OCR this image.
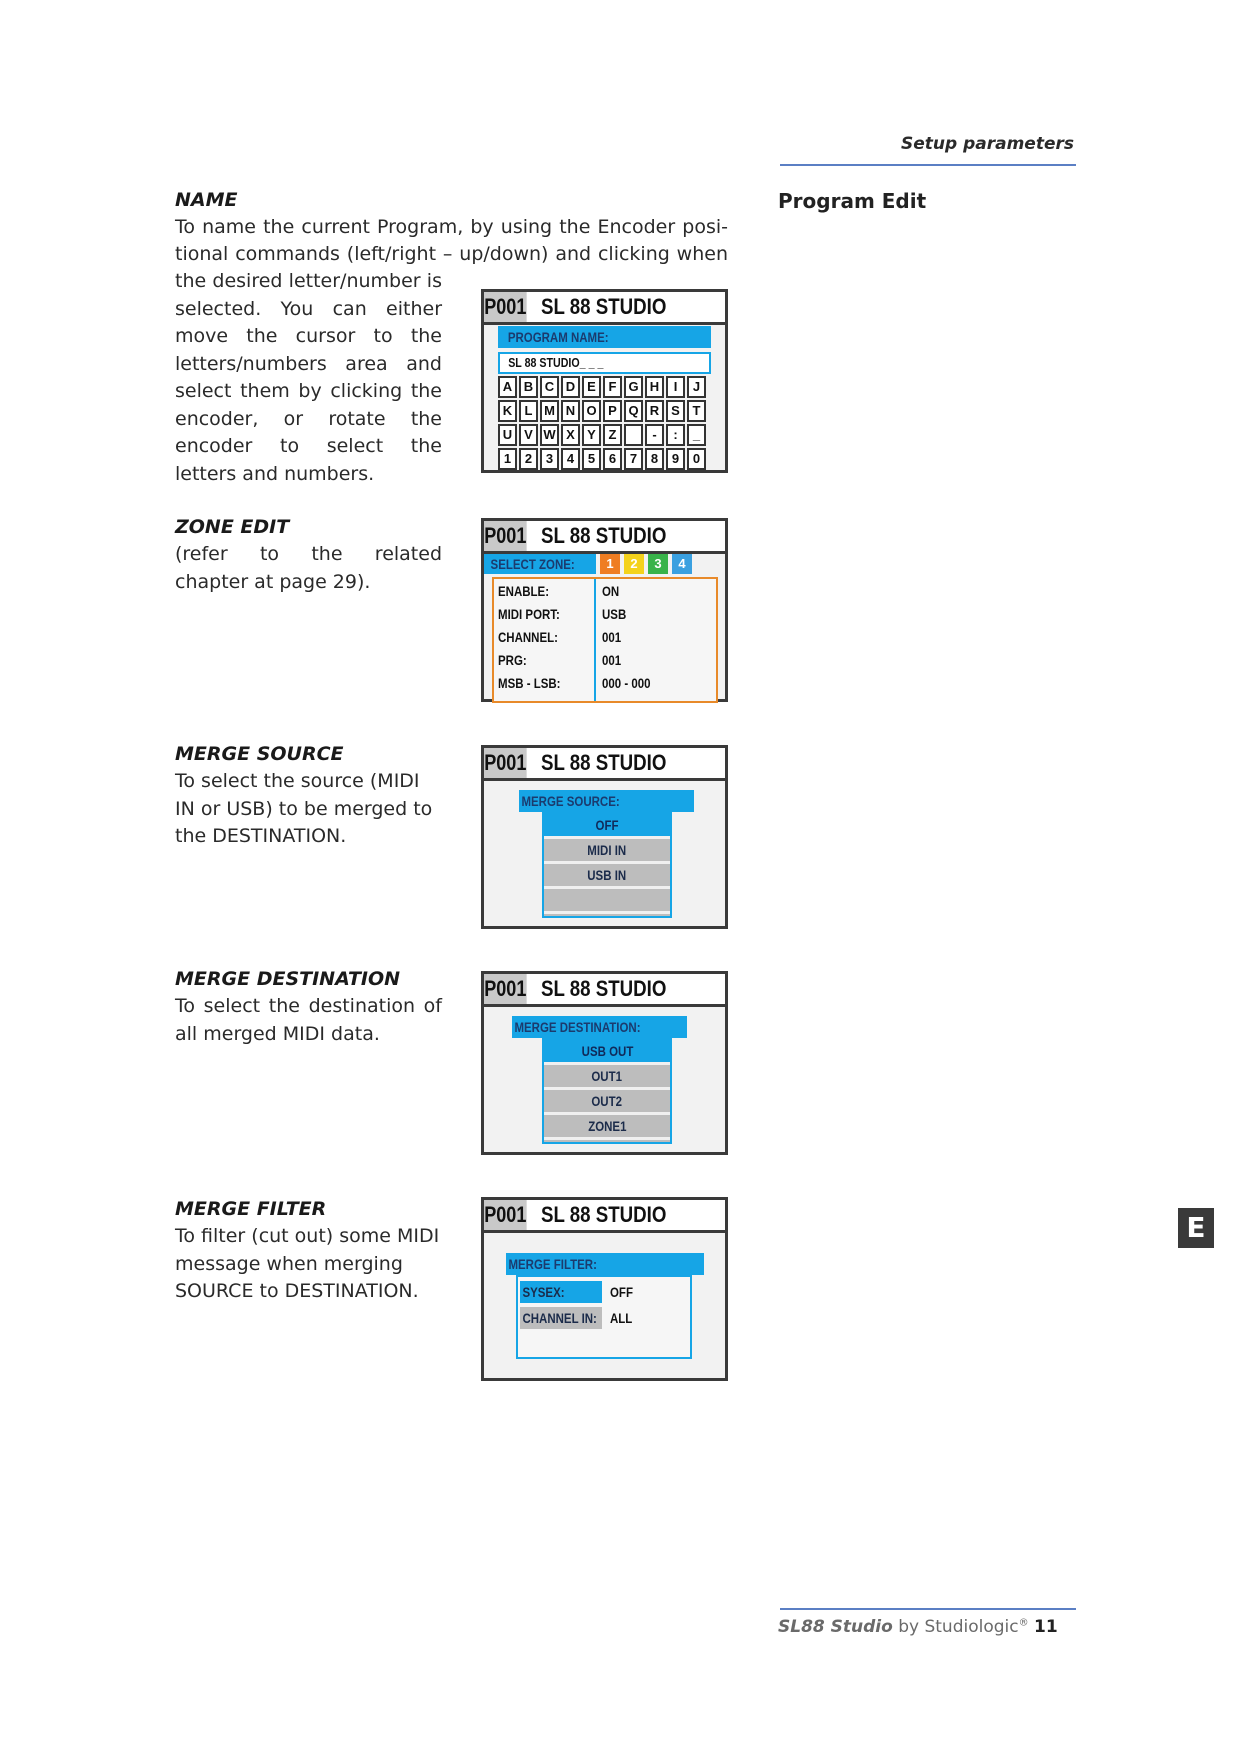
Setup parameters
Program Edit
NAME
To name the current Program, by using the Encoder posi-
tional commands (left/right – up/down) and clicking when
the desired letter/number is selected. You can either move the cursor to the letters/numbers area and select them by clicking the encoder, or rotate the encoder to select the letters and numbers.
P001 SL 88 STUDIO
PROGRAM NAME:
SL 88 STUDIO_ _ _
A B C D E F G H	I	J
K L M N O P Q R S T
U V W X Y Z	-	:	_
1	2	3	4	5	6	7	8	9	0
ZONE EDIT
(refer to the related chapter at page 29).
P001 SL 88 STUDIO
SELECT ZONE:	1	2	3	4
ENABLE:	ON
MIDI PORT:	USB
CHANNEL:	001
PRG:	001
MSB - LSB:	000 - 000
MERGE SOURCE
To select the source (MIDI IN or USB) to be merged to the DESTINATION.
P001 SL 88 STUDIO
MERGE SOURCE:
OFF
MIDI IN
USB IN
MERGE DESTINATION
To select the destination of all merged MIDI data.
P001 SL 88 STUDIO
MERGE DESTINATION:
USB OUT
OUT1
OUT2
ZONE1
MERGE FILTER
To filter (cut out) some MIDI message when merging SOURCE to DESTINATION.
P001 SL 88 STUDIO
MERGE FILTER:
SYSEX:	OFF
CHANNEL IN: ALL
E
SL88 Studio by Studiologic® 11
